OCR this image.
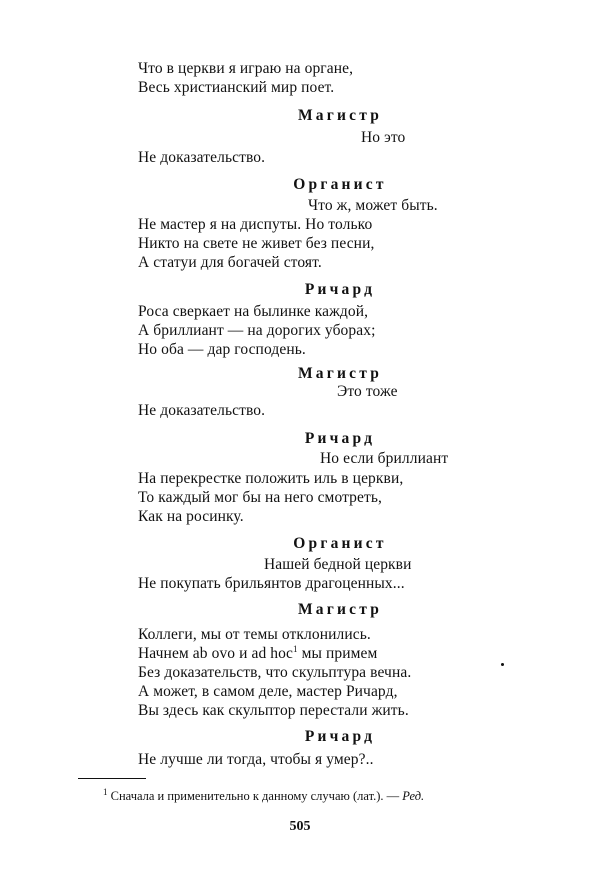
Что в церкви я играю на органе,
Весь христианский мир поет.
Магистр
Но это
Не доказательство.
Органист
Что ж, может быть.
Не мастер я на диспуты. Но только
Никто на свете не живет без песни,
А статуи для богачей стоят.
Ричард
Роса сверкает на былинке каждой,
А бриллиант — на дорогих уборах;
Но оба — дар господень.
Магистр
Это тоже
Не доказательство.
Ричард
Но если бриллиант
На перекрестке положить иль в церкви,
То каждый мог бы на него смотреть,
Как на росинку.
Органист
Нашей бедной церкви
Не покупать брильянтов драгоценных...
Магистр
Коллеги, мы от темы отклонились.
Начнем ab ovo и ad hoc$^1$ мы примем
Без доказательств, что скульптура вечна.
А может, в самом деле, мастер Ричард,
Вы здесь как скульптор перестали жить.
Ричард
Не лучше ли тогда, чтобы я умер?..
$^1$ Сначала и применительно к данному случаю (лат.). — Ред.
505
